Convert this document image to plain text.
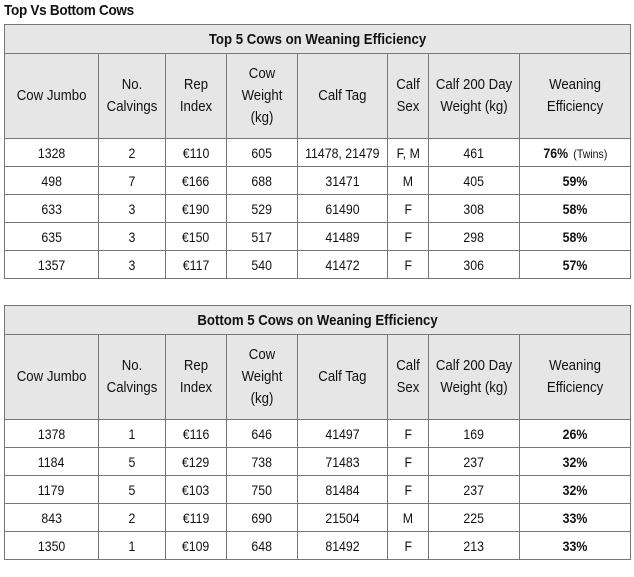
Top Vs Bottom Cows
Top 5 Cows on Weaning Efficiency							
Cow Jumbo	No. Calvings	Rep Index	Cow Weight (kg)	Calf Tag	Calf Sex	Calf 200 Day Weight (kg)	Weaning Efficiency
1328	2	€110	605	11478, 21479	F, M	461	76% (Twins)
498	7	€166	688	31471	M	405	59%
633	3	€190	529	61490	F	308	58%
635	3	€150	517	41489	F	298	58%
1357	3	€117	540	41472	F	306	57%
Bottom 5 Cows on Weaning Efficiency							
Cow Jumbo	No. Calvings	Rep Index	Cow Weight (kg)	Calf Tag	Calf Sex	Calf 200 Day Weight (kg)	Weaning Efficiency
1378	1	€116	646	41497	F	169	26%
1184	5	€129	738	71483	F	237	32%
1179	5	€103	750	81484	F	237	32%
843	2	€119	690	21504	M	225	33%
1350	1	€109	648	81492	F	213	33%
